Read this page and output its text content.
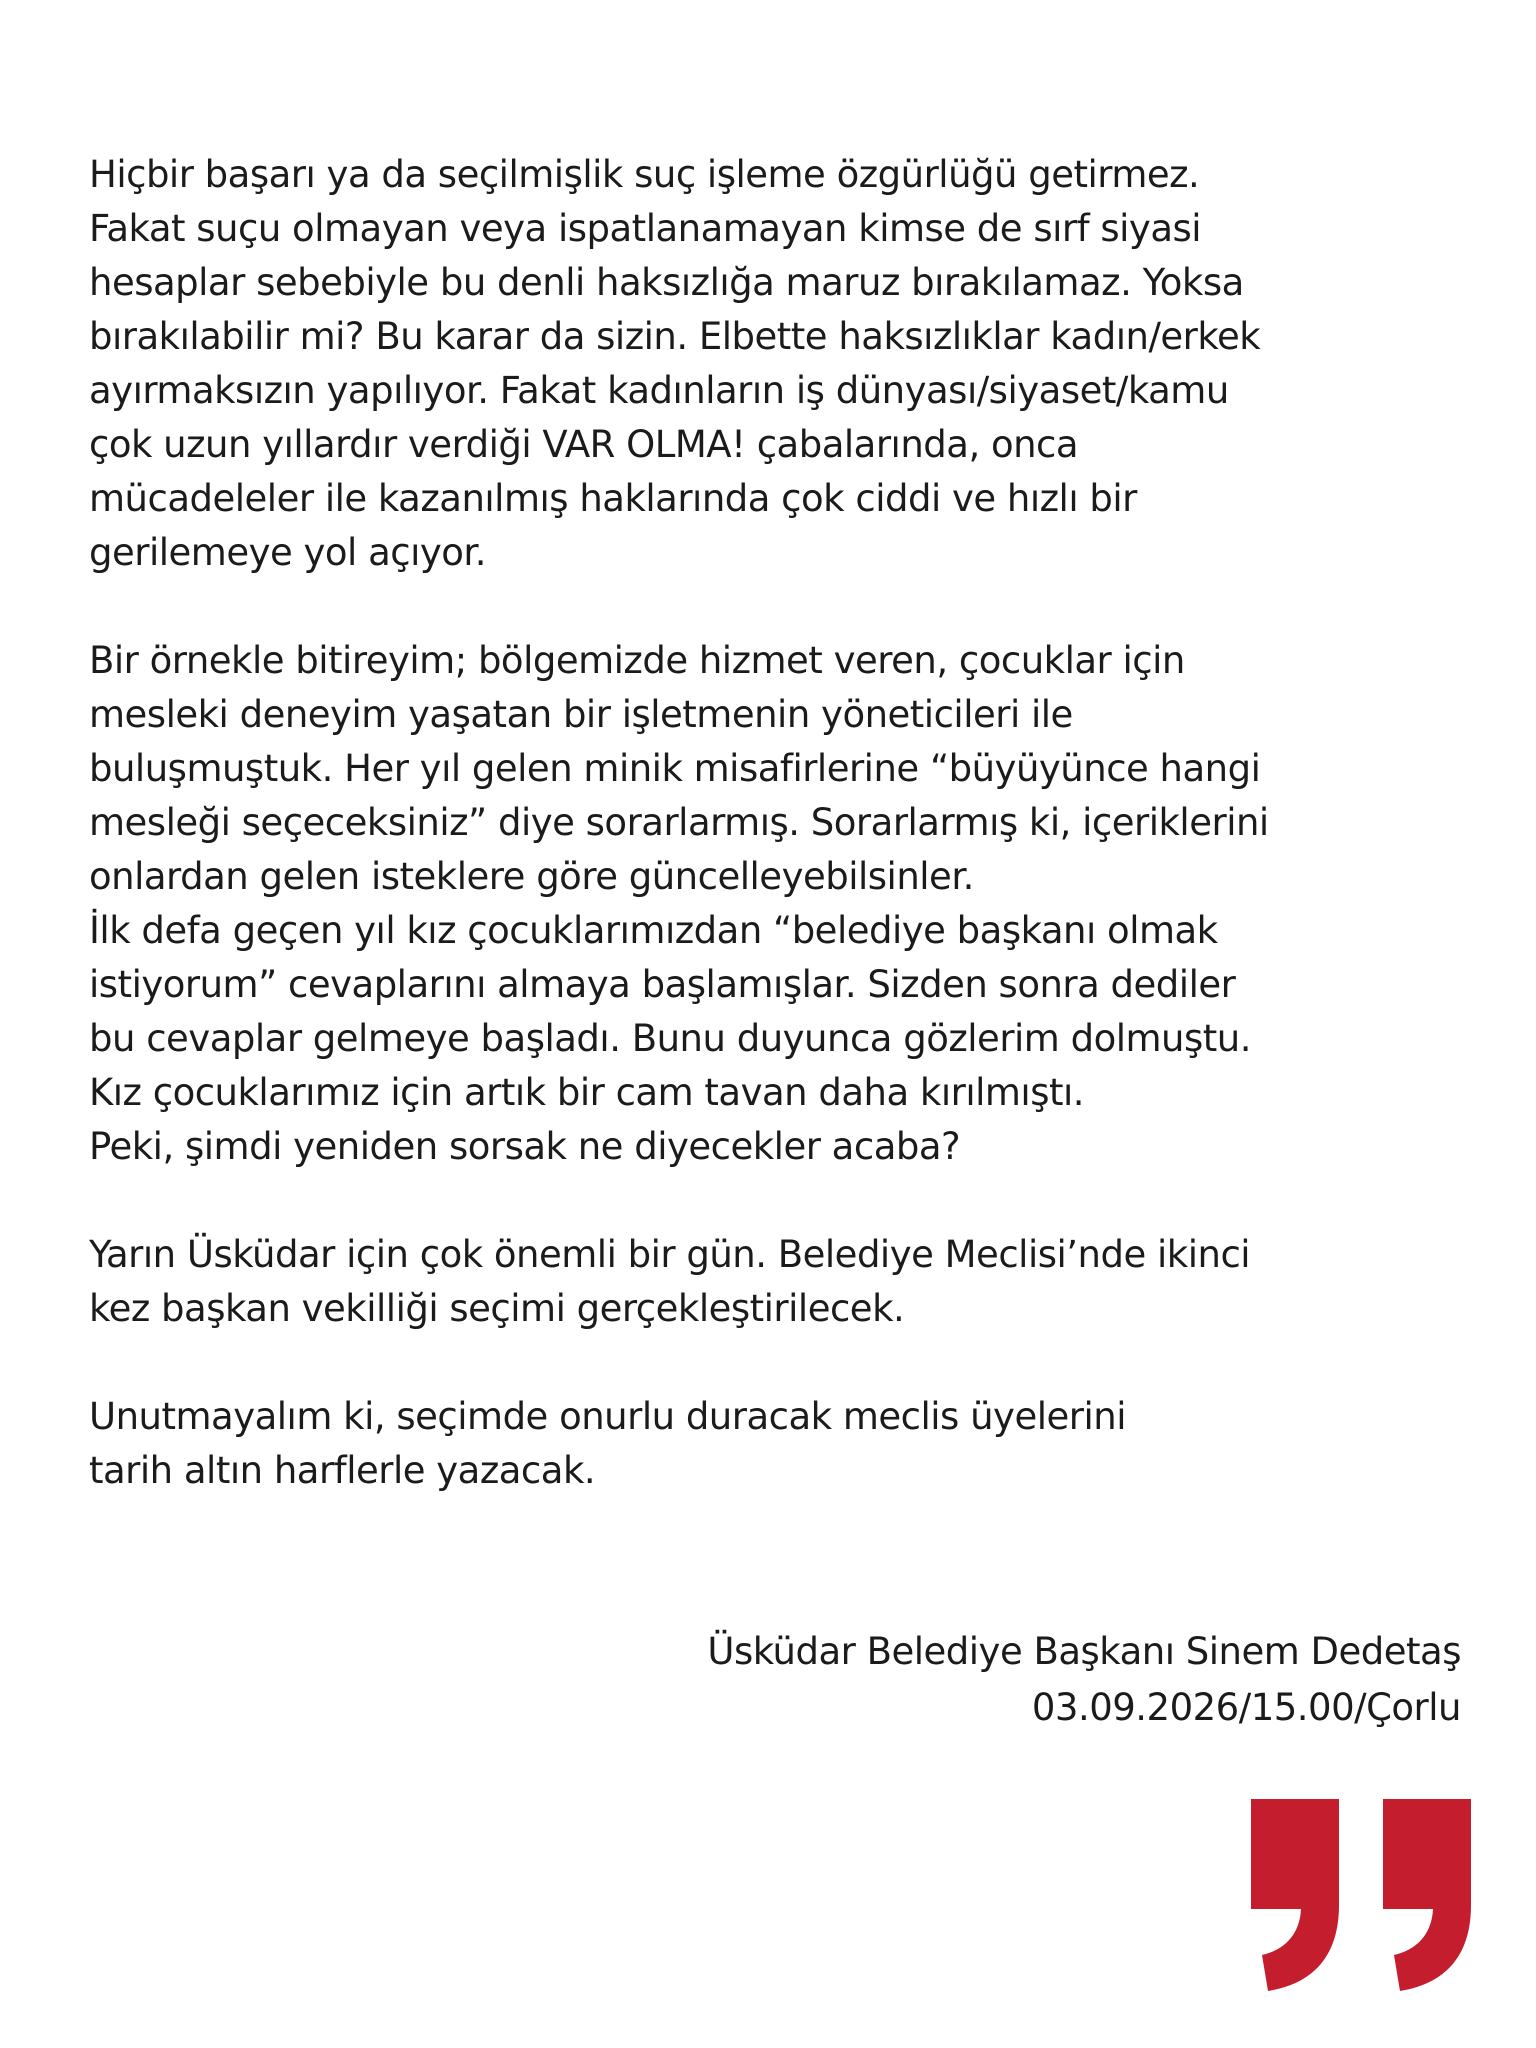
Hiçbir başarı ya da seçilmişlik suç işleme özgürlüğü getirmez.
Fakat suçu olmayan veya ispatlanamayan kimse de sırf siyasi
hesaplar sebebiyle bu denli haksızlığa maruz bırakılamaz. Yoksa
bırakılabilir mi? Bu karar da sizin. Elbette haksızlıklar kadın/erkek
ayırmaksızın yapılıyor. Fakat kadınların iş dünyası/siyaset/kamu
çok uzun yıllardır verdiği VAR OLMA! çabalarında, onca
mücadeleler ile kazanılmış haklarında çok ciddi ve hızlı bir
gerilemeye yol açıyor.
Bir örnekle bitireyim; bölgemizde hizmet veren, çocuklar için
mesleki deneyim yaşatan bir işletmenin yöneticileri ile
buluşmuştuk. Her yıl gelen minik misafirlerine “büyüyünce hangi
mesleği seçeceksiniz” diye sorarlarmış. Sorarlarmış ki, içeriklerini
onlardan gelen isteklere göre güncelleyebilsinler.
İlk defa geçen yıl kız çocuklarımızdan “belediye başkanı olmak
istiyorum” cevaplarını almaya başlamışlar. Sizden sonra dediler
bu cevaplar gelmeye başladı. Bunu duyunca gözlerim dolmuştu.
Kız çocuklarımız için artık bir cam tavan daha kırılmıştı.
Peki, şimdi yeniden sorsak ne diyecekler acaba?
Yarın Üsküdar için çok önemli bir gün. Belediye Meclisi’nde ikinci
kez başkan vekilliği seçimi gerçekleştirilecek.
Unutmayalım ki, seçimde onurlu duracak meclis üyelerini
tarih altın harflerle yazacak.
Üsküdar Belediye Başkanı Sinem Dedetaş
03.09.2026/15.00/Çorlu
